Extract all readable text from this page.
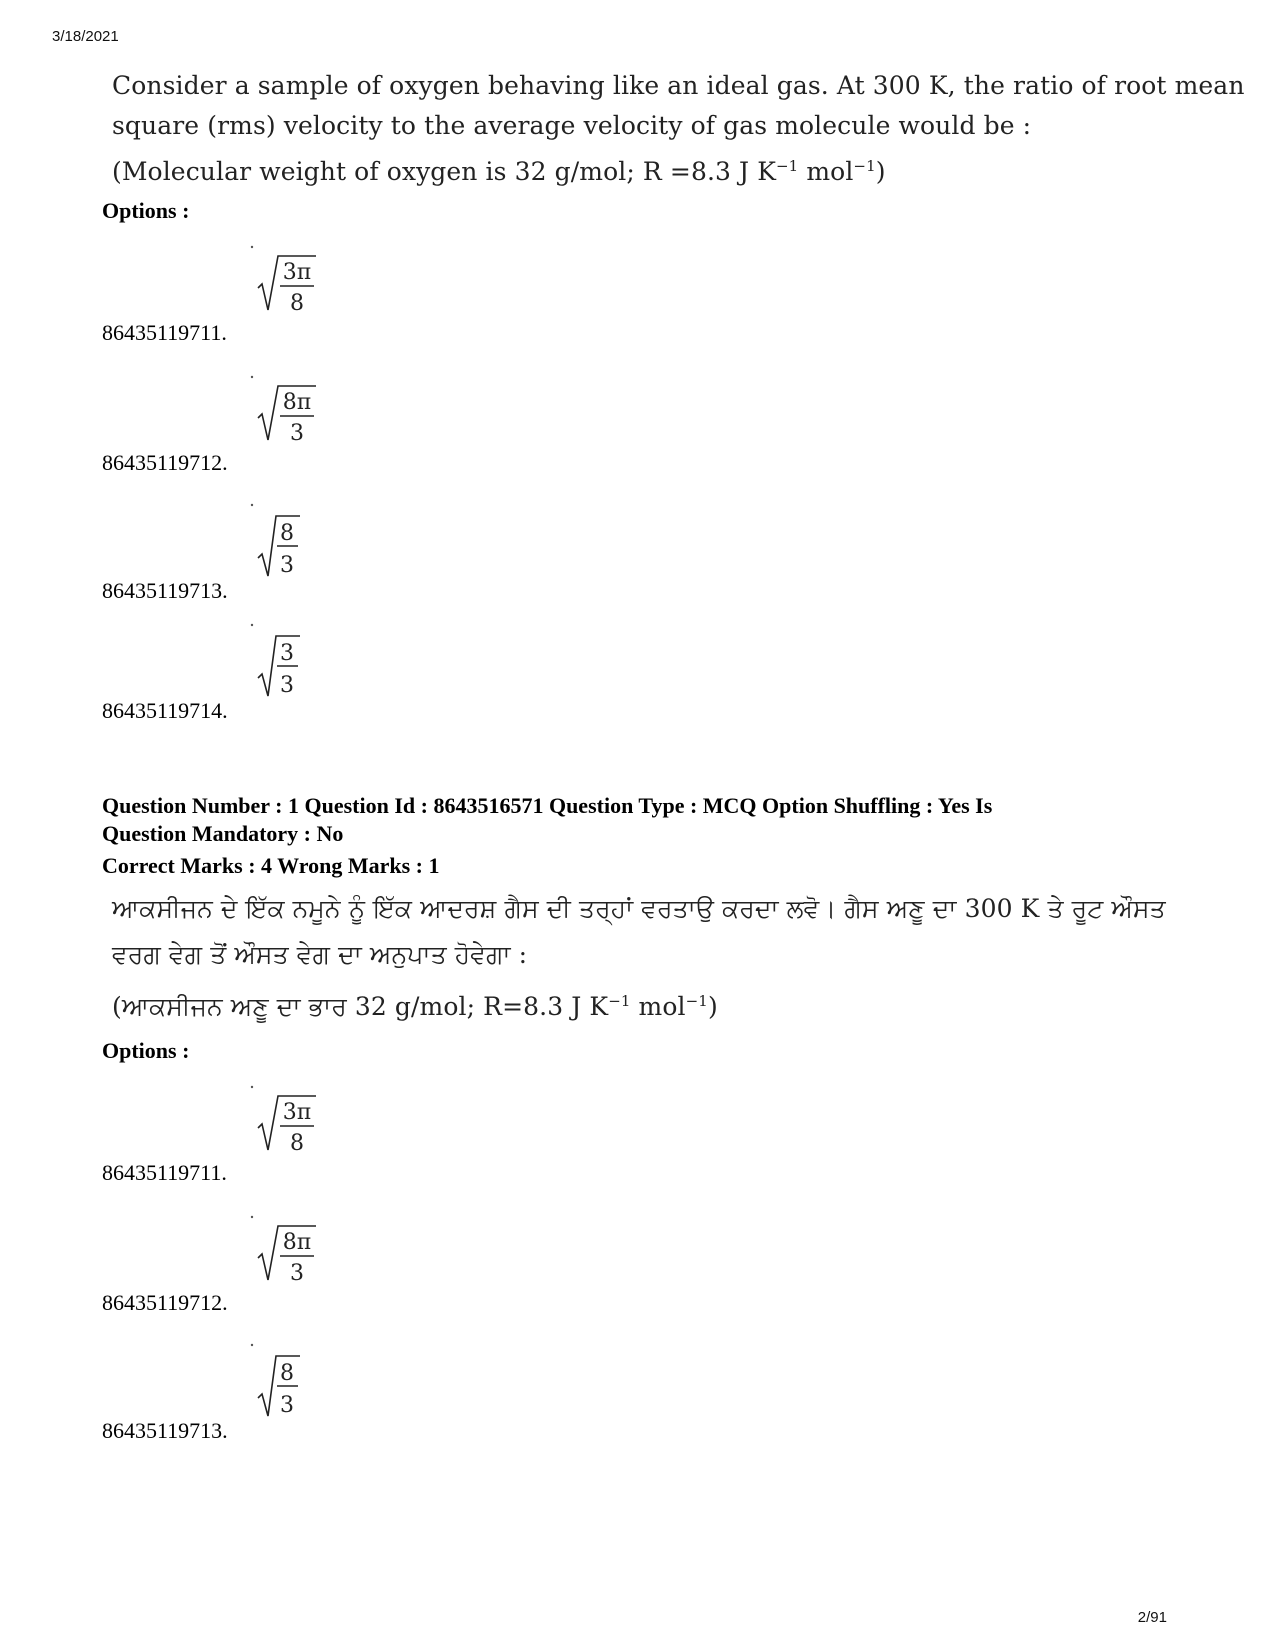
3/18/2021
Consider a sample of oxygen behaving like an ideal gas. At 300 K, the ratio of root mean
square (rms) velocity to the average velocity of gas molecule would be :
(Molecular weight of oxygen is 32 g/mol; R =8.3 J $K^{-1}$ mol$^{-1}$)
Options :
3π
8
86435119711.
8π
3
86435119712.
8
3
86435119713.
3
3
86435119714.
Question Number : 1 Question Id : 8643516571 Question Type : MCQ Option Shuffling : Yes Is
Question Mandatory : No
Correct Marks : 4 Wrong Marks : 1
ਆਕਸੀਜਨ ਦੇ ਇੱਕ ਨਮੂਨੇ ਨੂੰ ਇੱਕ ਆਦਰਸ਼ ਗੈਸ ਦੀ ਤਰ੍ਹਾਂ ਵਰਤਾਉ ਕਰਦਾ ਲਵੋ। ਗੈਸ ਅਣੂ ਦਾ 300 K ਤੇ ਰੂਟ ਔਸਤ
ਵਰਗ ਵੇਗ ਤੋਂ ਔਸਤ ਵੇਗ ਦਾ ਅਨੁਪਾਤ ਹੋਵੇਗਾ :
(ਆਕਸੀਜਨ ਅਣੂ ਦਾ ਭਾਰ 32 g/mol; R=8.3 J $K^{-1}$ mol$^{-1}$)
Options :
3π
8
86435119711.
8π
3
86435119712.
8
3
86435119713.
2/91
